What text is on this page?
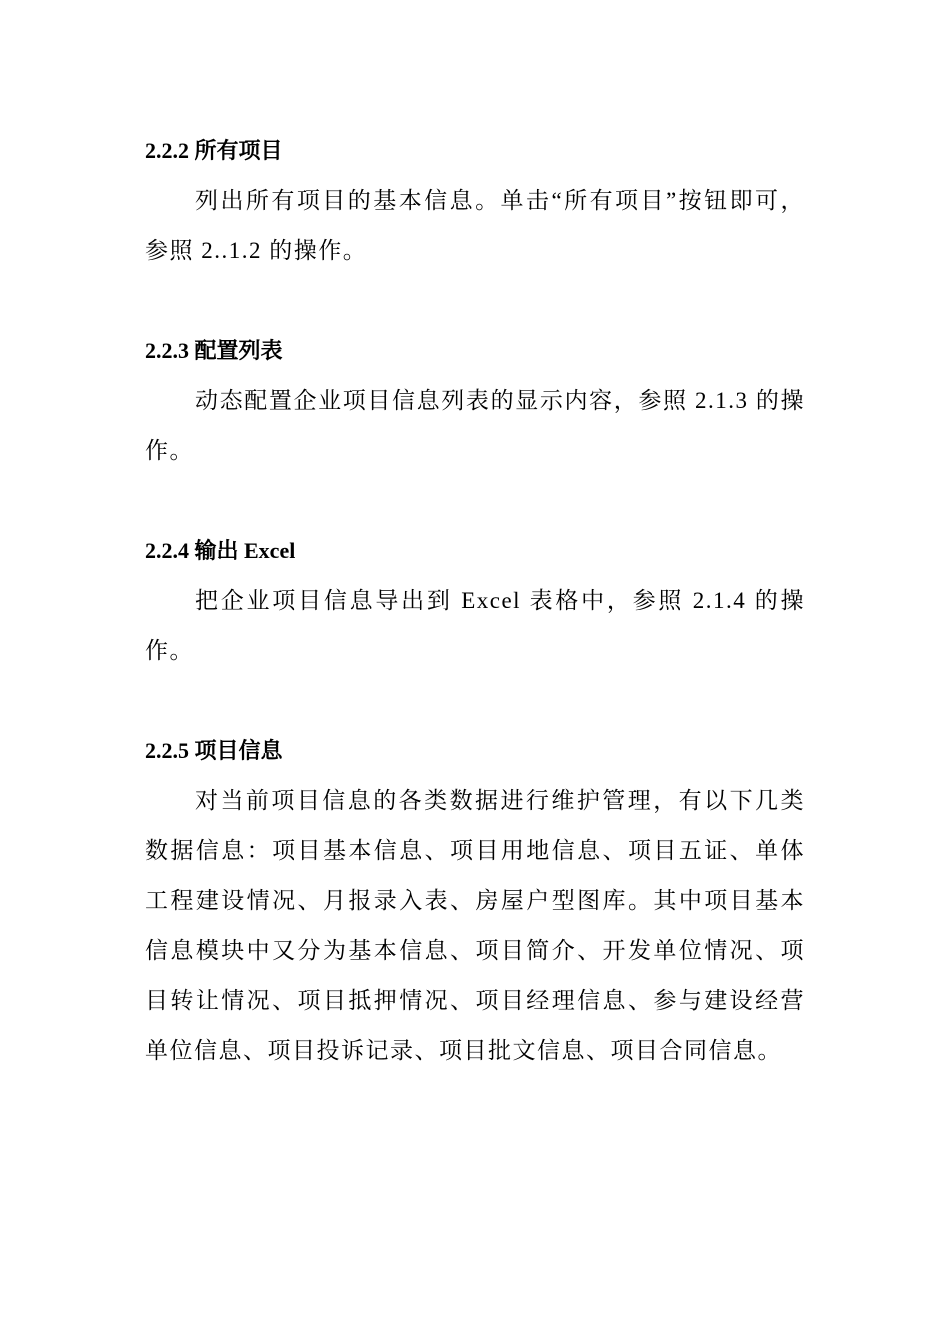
2.2.2 所有项目

列出所有项目的基本信息。单击“所有项目”按钮即可，参照 2..1.2 的操作。

2.2.3 配置列表

动态配置企业项目信息列表的显示内容，参照 2.1.3 的操作。

2.2.4 输出 Excel

把企业项目信息导出到 Excel 表格中，参照 2.1.4 的操作。

2.2.5 项目信息

对当前项目信息的各类数据进行维护管理，有以下几类数据信息：项目基本信息、项目用地信息、项目五证、单体工程建设情况、月报录入表、房屋户型图库。其中项目基本信息模块中又分为基本信息、项目简介、开发单位情况、项目转让情况、项目抵押情况、项目经理信息、参与建设经营单位信息、项目投诉记录、项目批文信息、项目合同信息。
